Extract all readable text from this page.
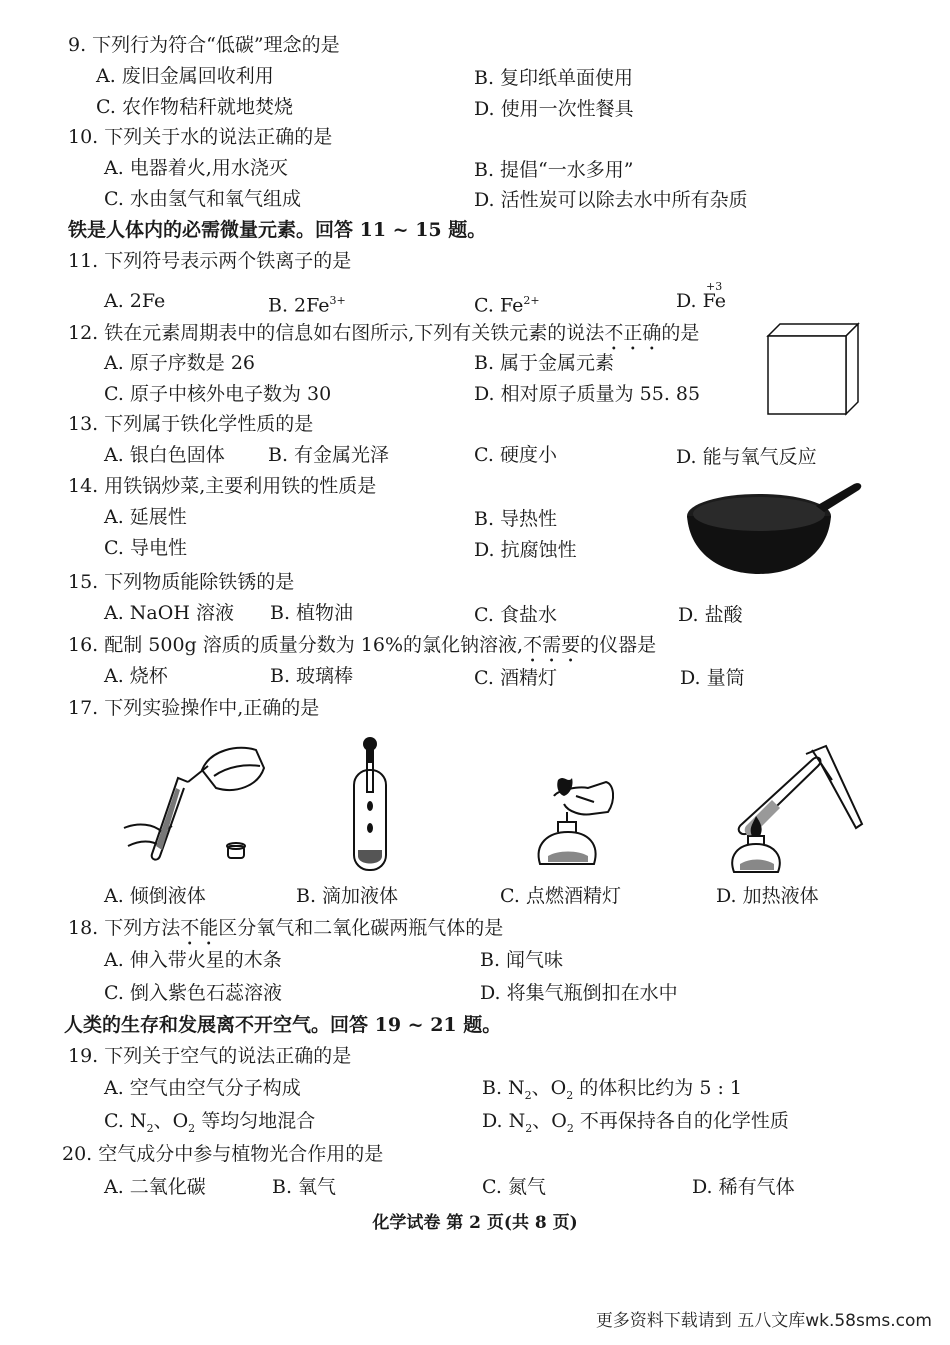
9. 下列行为符合“低碳”理念的是
A. 废旧金属回收利用	B. 复印纸单面使用
C. 农作物秸秆就地焚烧	D. 使用一次性餐具
10. 下列关于水的说法正确的是
A. 电器着火,用水浇灭	B. 提倡“一水多用”
C. 水由氢气和氧气组成	D. 活性炭可以除去水中所有杂质
铁是人体内的必需微量元素。回答 11 ~ 15 题。
11. 下列符号表示两个铁离子的是
A. 2Fe	B. $2Fe^{3+}$	C. $Fe^{2+}$	D. Fe
+3
12. 铁在元素周期表中的信息如右图所示,下列有关铁元素的说法不正确的是
A. 原子序数是 26	B. 属于金属元素
C. 原子中核外电子数为 30	D. 相对原子质量为 55. 85
13. 下列属于铁化学性质的是
A. 银白色固体 B. 有金属光泽	C. 硬度小	D. 能与氧气反应
14. 用铁锅炒菜,主要利用铁的性质是
A. 延展性	B. 导热性
C. 导电性	D. 抗腐蚀性
15. 下列物质能除铁锈的是
A. NaOH 溶液 B. 植物油	C. 食盐水	D. 盐酸
16. 配制 500g 溶质的质量分数为 16%的氯化钠溶液,不需要的仪器是
A. 烧杯	B. 玻璃棒	C. 酒精灯	D. 量筒
17. 下列实验操作中,正确的是
A. 倾倒液体	B. 滴加液体	C. 点燃酒精灯	D. 加热液体
18. 下列方法不能区分氧气和二氧化碳两瓶气体的是
A. 伸入带火星的木条	B. 闻气味
C. 倒入紫色石蕊溶液	D. 将集气瓶倒扣在水中
人类的生存和发展离不开空气。回答 19 ~ 21 题。
19. 下列关于空气的说法正确的是
A. 空气由空气分子构成	B. $N_2$、$O_2$ 的体积比约为 5 : 1
C. $N_2$、$O_2$ 等均匀地混合	D. $N_2$、$O_2$ 不再保持各自的化学性质
20. 空气成分中参与植物光合作用的是
A. 二氧化碳	B. 氧气	C. 氮气	D. 稀有气体
化学试卷 第 2 页(共 8 页)
更多资料下载请到 五八文库wk.58sms.com
